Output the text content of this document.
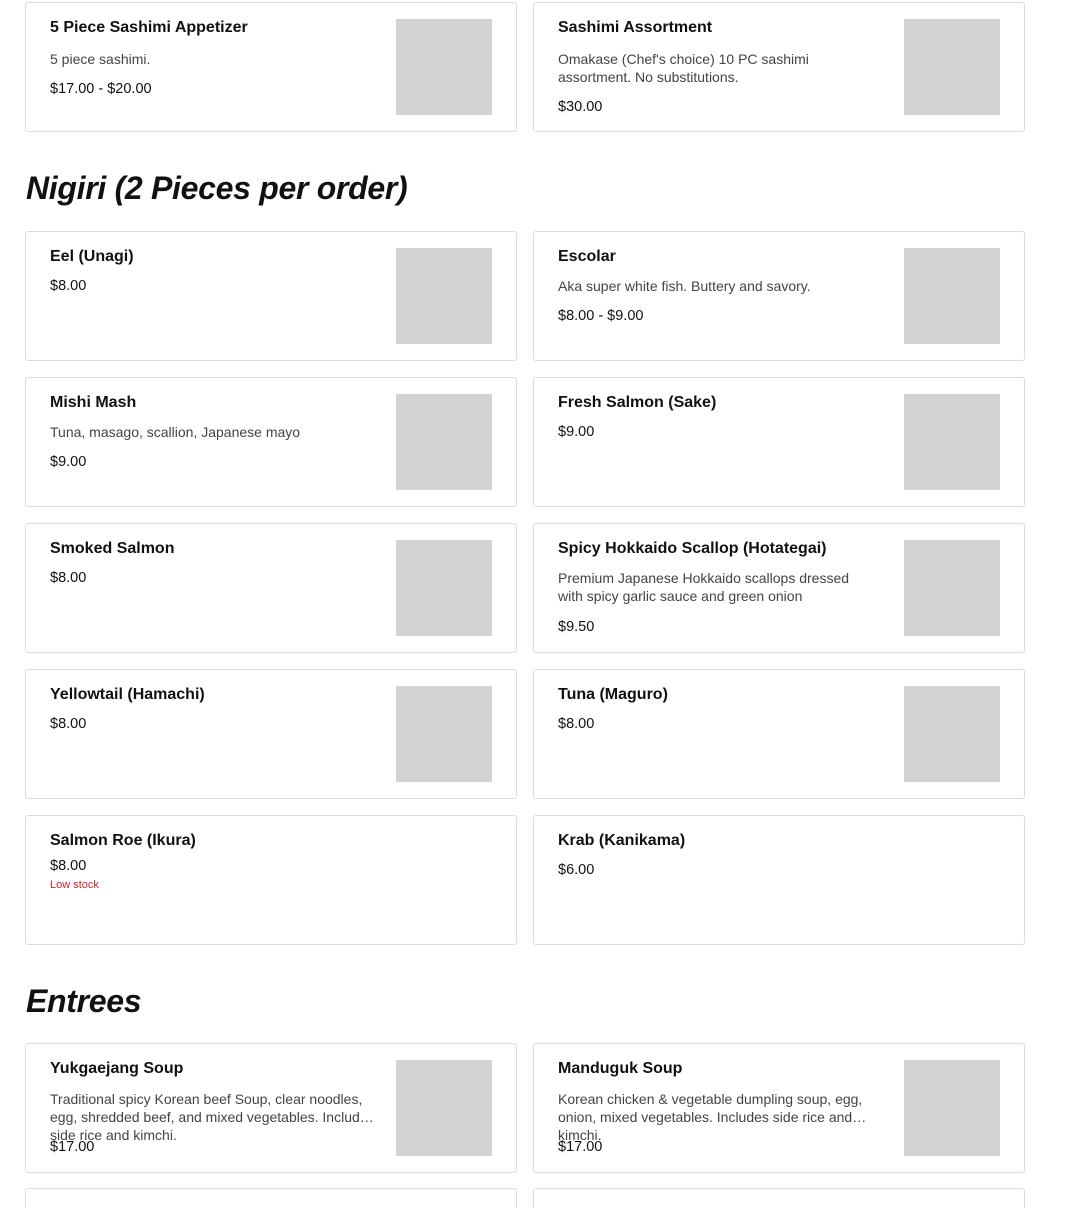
5 Piece Sashimi Appetizer
5 piece sashimi.
$17.00 - $20.00
Sashimi Assortment
Omakase (Chef's choice) 10 PC sashimi assortment. No substitutions.
$30.00
Nigiri (2 Pieces per order)
Eel (Unagi)
$8.00
Escolar
Aka super white fish. Buttery and savory.
$8.00 - $9.00
Mishi Mash
Tuna, masago, scallion, Japanese mayo
$9.00
Fresh Salmon (Sake)
$9.00
Smoked Salmon
$8.00
Spicy Hokkaido Scallop (Hotategai)
Premium Japanese Hokkaido scallops dressed with spicy garlic sauce and green onion
$9.50
Yellowtail (Hamachi)
$8.00
Tuna (Maguro)
$8.00
Salmon Roe (Ikura)
$8.00
Low stock
Krab (Kanikama)
$6.00
Entrees
Yukgaejang Soup
Traditional spicy Korean beef Soup, clear noodles, egg, shredded beef, and mixed vegetables. Includes side rice and kimchi.
$17.00
Manduguk Soup
Korean chicken & vegetable dumpling soup, egg, onion, mixed vegetables. Includes side rice and kimchi.
$17.00
